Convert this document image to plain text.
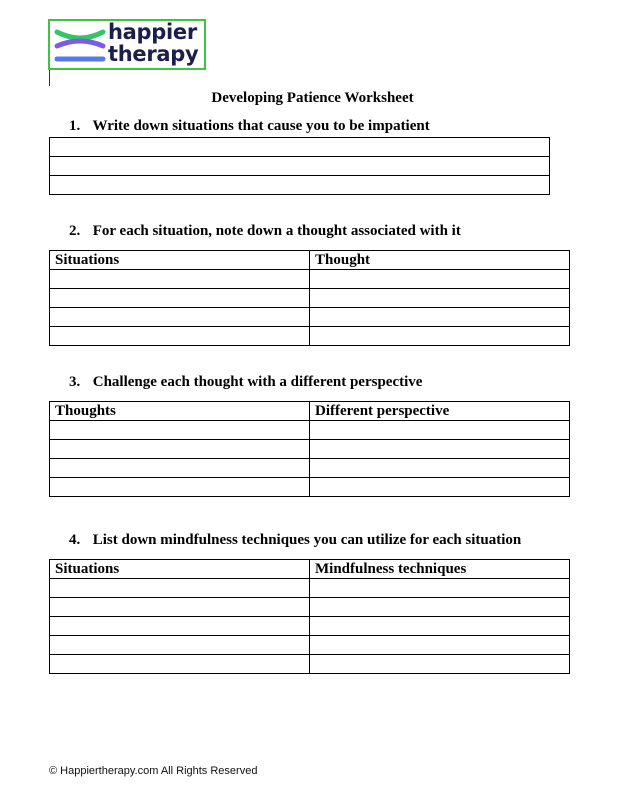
happier
therapy
Developing Patience Worksheet
1. Write down situations that cause you to be impatient

2. For each situation, note down a thought associated with it
Situations	Thought

3. Challenge each thought with a different perspective
Thoughts	Different perspective

4. List down mindfulness techniques you can utilize for each situation
Situations	Mindfulness techniques

© Happiertherapy.com All Rights Reserved
